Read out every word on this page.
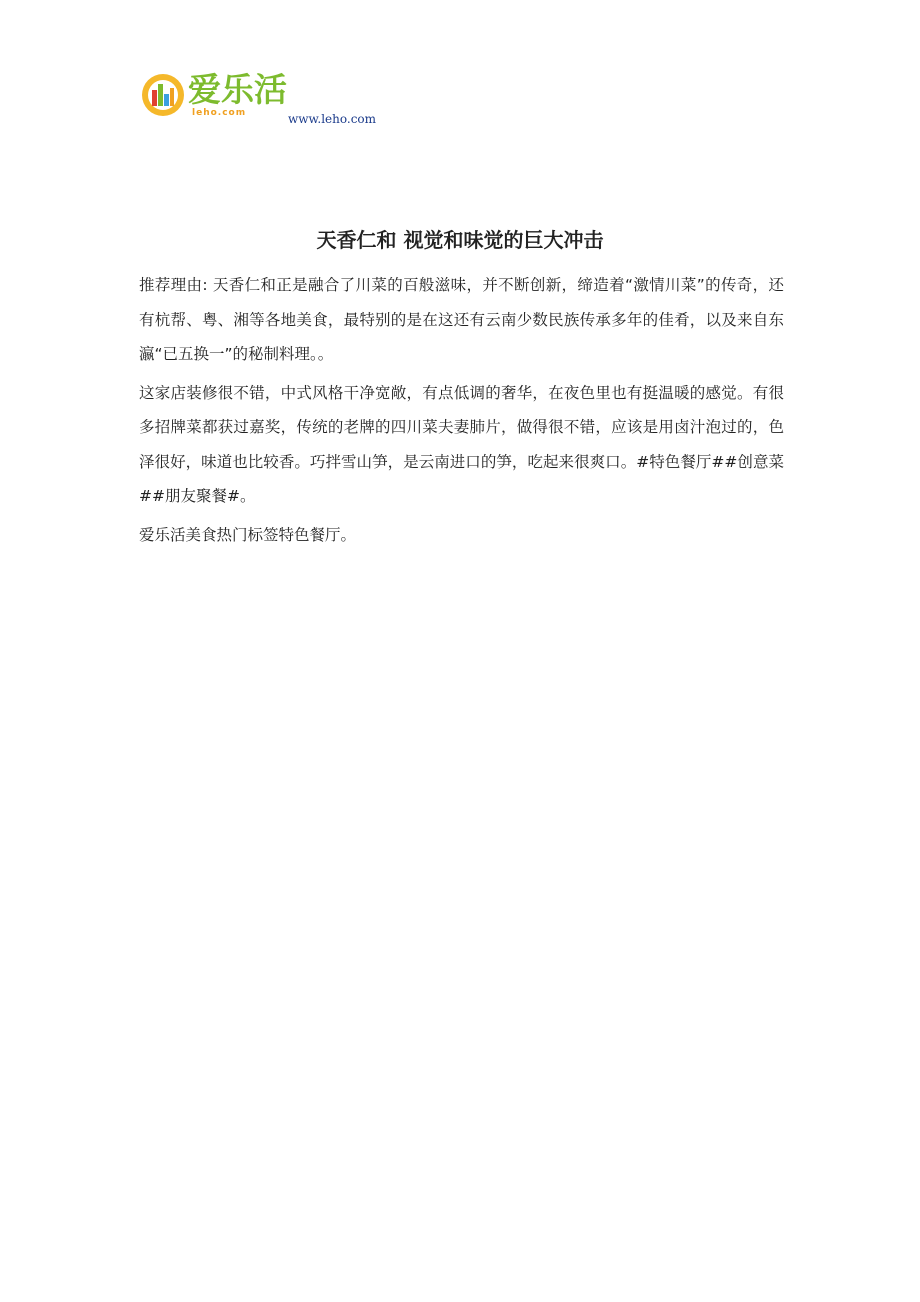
爱乐活
leho.com	www.leho.com
天香仁和 视觉和味觉的巨大冲击

推荐理由: 天香仁和正是融合了川菜的百般滋味，并不断创新，缔造着“激情川菜”的传奇，还有杭帮、粤、湘等各地美食，最特别的是在这还有云南少数民族传承多年的佳肴，以及来自东瀛“已五换一”的秘制料理。。

这家店装修很不错，中式风格干净宽敞，有点低调的奢华，在夜色里也有挺温暖的感觉。有很多招牌菜都获过嘉奖，传统的老牌的四川菜夫妻肺片，做得很不错，应该是用卤汁泡过的，色泽很好，味道也比较香。巧拌雪山笋，是云南进口的笋，吃起来很爽口。#特色餐厅##创意菜##朋友聚餐#。

爱乐活美食热门标签特色餐厅。
